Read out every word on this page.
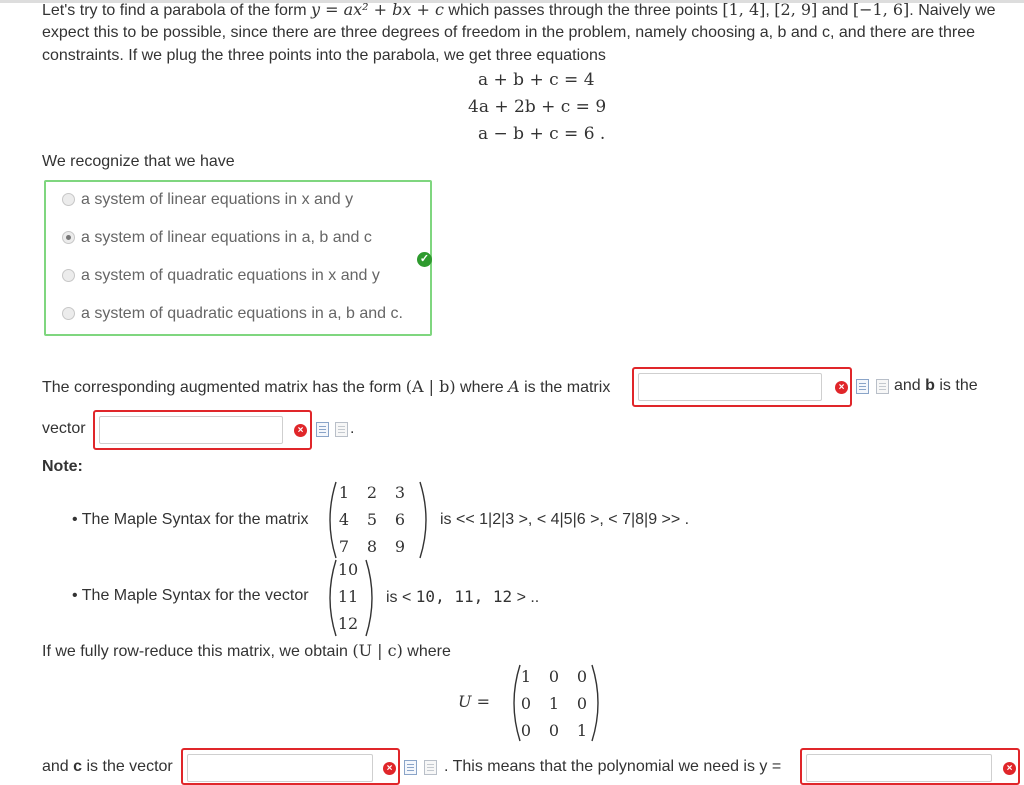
Let's try to find a parabola of the form y = ax² + bx + c which passes through the three points [1, 4], [2, 9] and [−1, 6]. Naively we
expect this to be possible, since there are three degrees of freedom in the problem, namely choosing a, b and c, and there are three
constraints. If we plug the three points into the parabola, we get three equations
a + b + c = 4
4a + 2b + c = 9
a − b + c = 6 .
We recognize that we have
a system of linear equations in x and y
a system of linear equations in a, b and c
a system of quadratic equations in x and y
a system of quadratic equations in a, b and c.
✓
The corresponding augmented matrix has the form (A | b) where A is the matrix	×	and b is the
vector	×	.
Note:
• The Maple Syntax for the matrix
1	2	3
4	5	6
7	8	9
is << 1|2|3 >, < 4|5|6 >, < 7|8|9 >> .
• The Maple Syntax for the vector
10
11
12
is < 10, 11, 12 > ..
If we fully row-reduce this matrix, we obtain (U | c) where
U =
1	0	0
0	1	0
0	0	1
and c is the vector	×	. This means that the polynomial we need is y =	×
